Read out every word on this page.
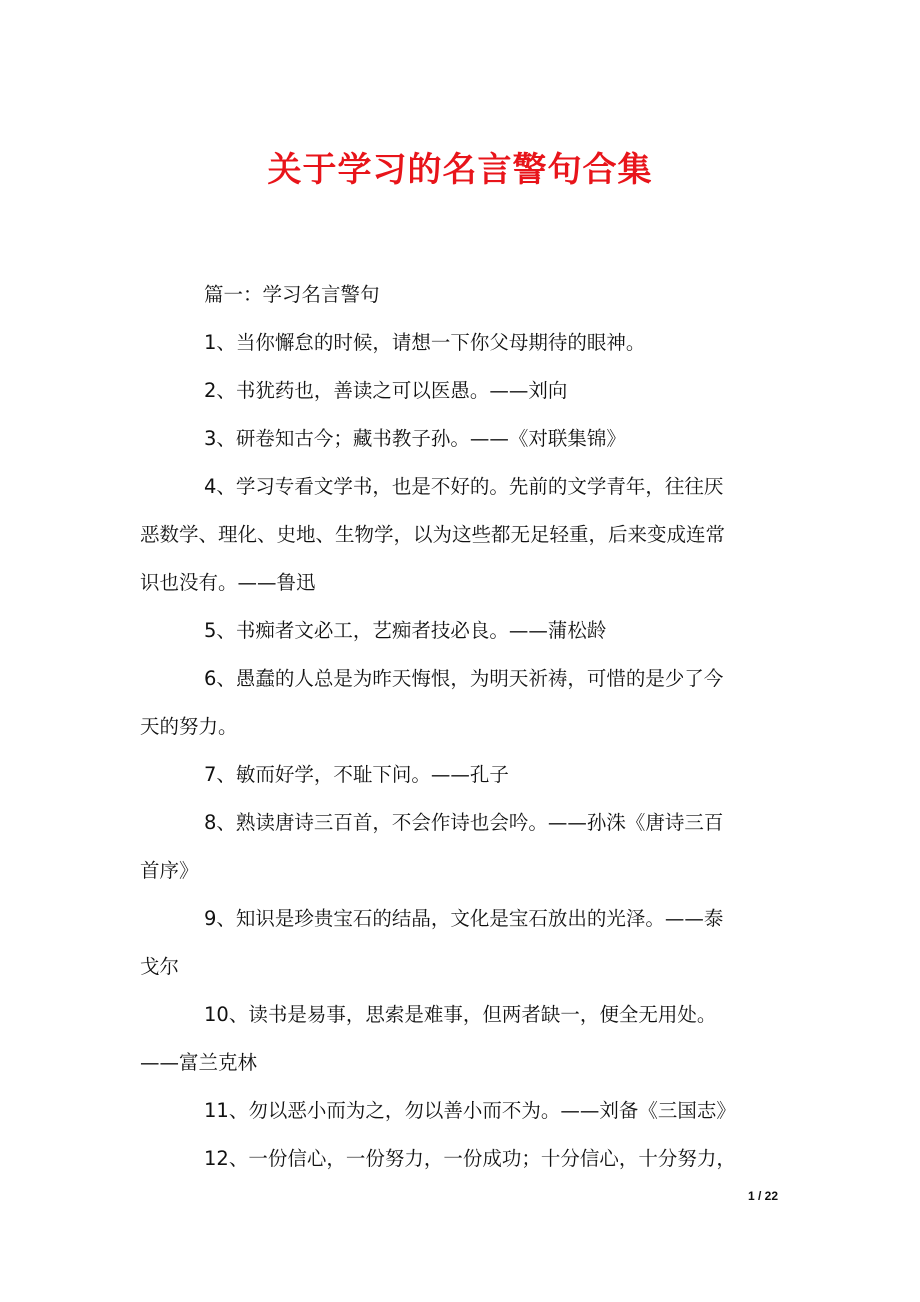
关于学习的名言警句合集
篇一：学习名言警句
1、当你懈怠的时候，请想一下你父母期待的眼神。
2、书犹药也，善读之可以医愚。——刘向
3、研卷知古今；藏书教子孙。——《对联集锦》
4、学习专看文学书，也是不好的。先前的文学青年，往往厌
恶数学、理化、史地、生物学，以为这些都无足轻重，后来变成连常
识也没有。——鲁迅
5、书痴者文必工，艺痴者技必良。——蒲松龄
6、愚蠢的人总是为昨天悔恨，为明天祈祷，可惜的是少了今
天的努力。
7、敏而好学，不耻下问。——孔子
8、熟读唐诗三百首，不会作诗也会吟。——孙洙《唐诗三百
首序》
9、知识是珍贵宝石的结晶，文化是宝石放出的光泽。——泰
戈尔
10、读书是易事，思索是难事，但两者缺一，便全无用处。
——富兰克林
11、勿以恶小而为之，勿以善小而不为。——刘备《三国志》
12、一份信心，一份努力，一份成功；十分信心，十分努力，
1 / 22
